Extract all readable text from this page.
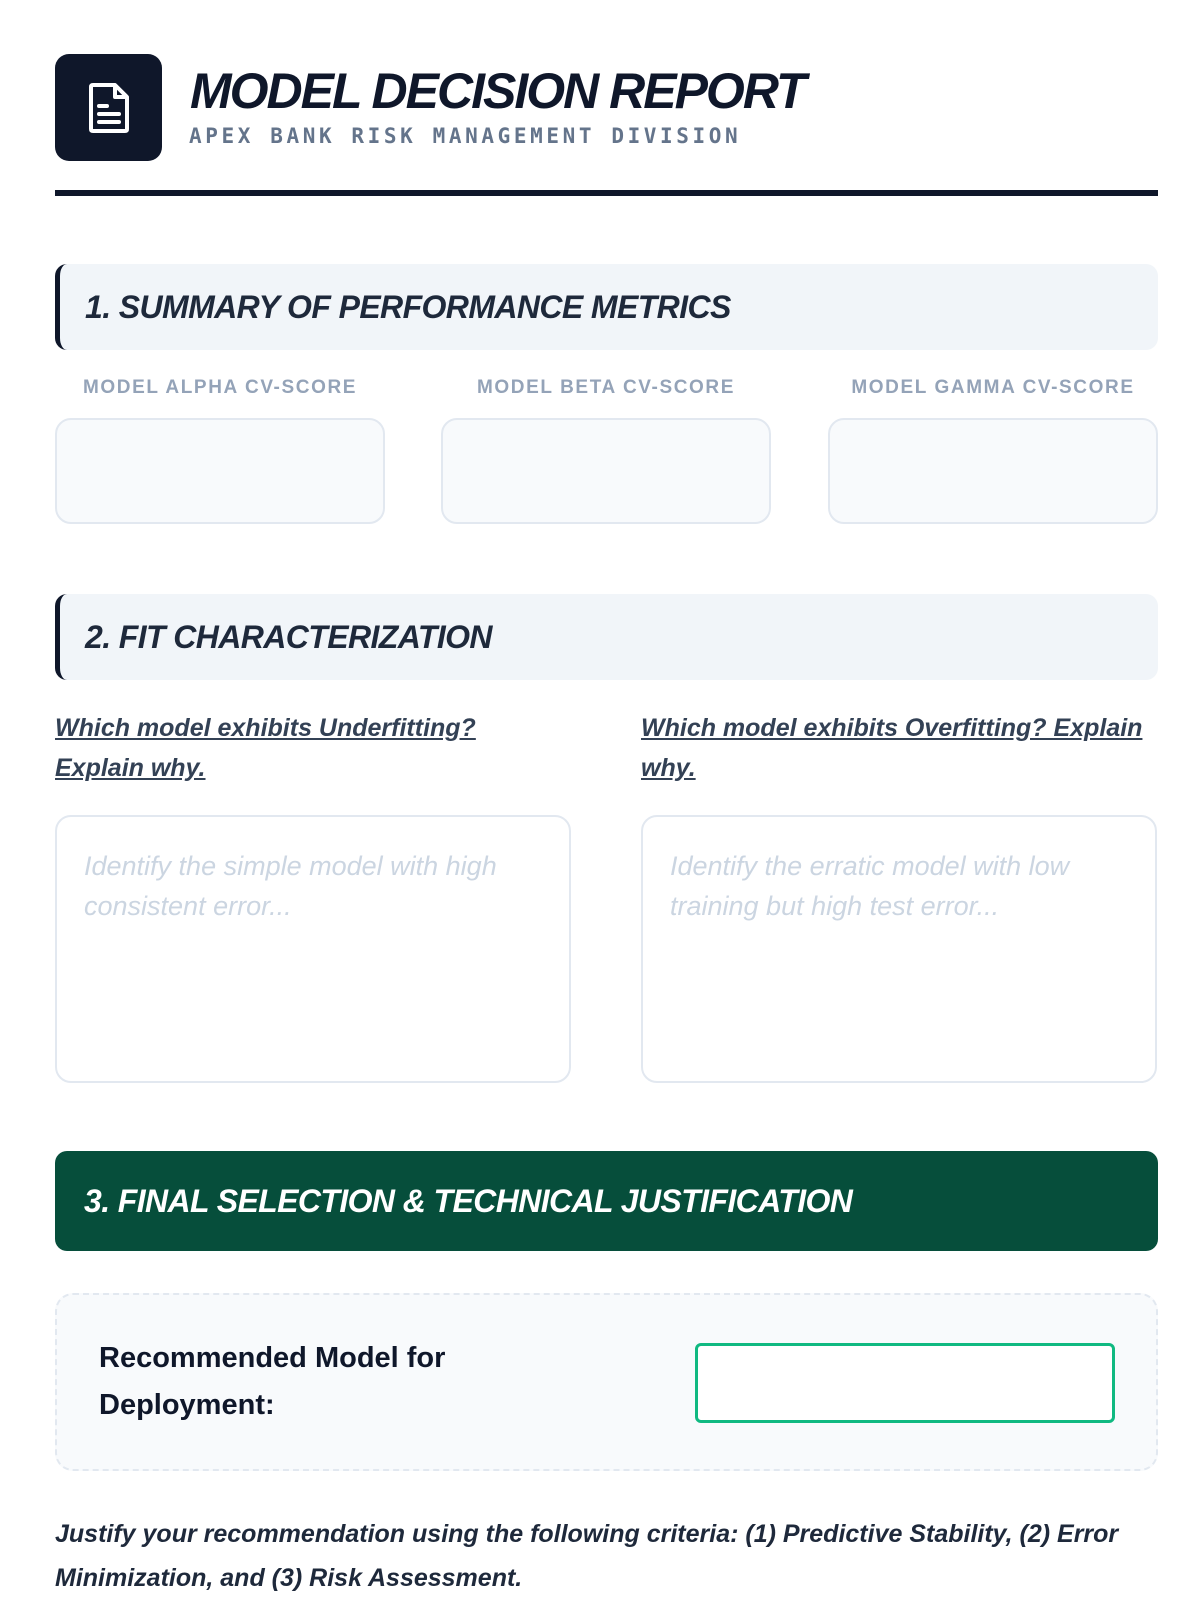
MODEL DECISION REPORT
APEX BANK RISK MANAGEMENT DIVISION
1. SUMMARY OF PERFORMANCE METRICS
MODEL ALPHA CV-SCORE	MODEL BETA CV-SCORE	MODEL GAMMA CV-SCORE
2. FIT CHARACTERIZATION
Which model exhibits Underfitting? Explain why.
Identify the simple model with high consistent error...
Which model exhibits Overfitting? Explain why.
Identify the erratic model with low training but high test error...
3. FINAL SELECTION & TECHNICAL JUSTIFICATION
Recommended Model for Deployment:
Justify your recommendation using the following criteria: (1) Predictive Stability, (2) Error Minimization, and (3) Risk Assessment.
